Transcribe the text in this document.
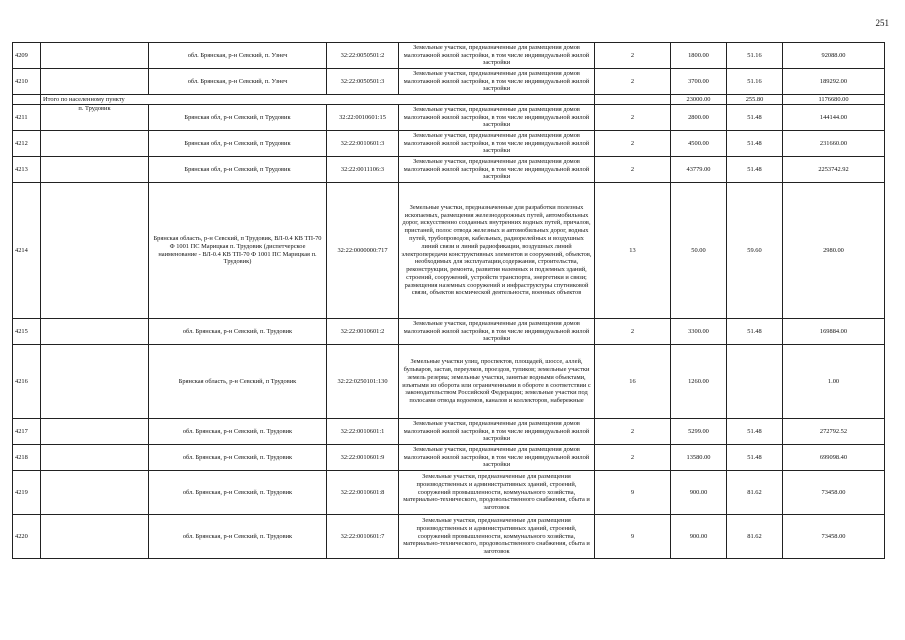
251
4209		обл. Брянская, р-н Севский, п. Узнеч	32:22:0050501:2	Земельные участки, предназначенные для размещения домов малоэтажной жилой застройки, в том числе индивидуальной жилой застройки	2	1800.00	51.16	92088.00
4210		обл. Брянская, р-н Севский, п. Узнеч	32:22:0050501:3	Земельные участки, предназначенные для размещения домов малоэтажной жилой застройки, в том числе индивидуальной жилой застройки	2	3700.00	51.16	189292.00
	Итого по населенному пункту					23000.00	255.80	1176680.00
4211	п. Трудовик	Брянская обл, р-н Севский, п Трудовик	32:22:0010601:15	Земельные участки, предназначенные для размещения домов малоэтажной жилой застройки, в том числе индивидуальной жилой застройки	2	2800.00	51.48	144144.00
4212		Брянская обл, р-н Севский, п Трудовик	32:22:0010601:3	Земельные участки, предназначенные для размещения домов малоэтажной жилой застройки, в том числе индивидуальной жилой застройки	2	4500.00	51.48	231660.00
4213		Брянская обл, р-н Севский, п Трудовик	32:22:0011106:3	Земельные участки, предназначенные для размещения домов малоэтажной жилой застройки, в том числе индивидуальной жилой застройки	2	43779.00	51.48	2253742.92
4214		Брянская область, р-н Севский, п Трудовик, ВЛ-0.4 КВ ТП-70 Ф 1001 ПС Марицкая п. Трудовик (диспетчерское наименование - ВЛ-0.4 КВ ТП-70 Ф 1001 ПС Марицкая п. Трудовик)	32:22:0000000:717	Земельные участки, предназначенные для разработки полезных ископаемых, размещения железнодорожных путей, автомобильных дорог, искусственно созданных внутренних водных путей, причалов, пристаней, полос отвода железных и автомобильных дорог, водных путей, трубопроводов, кабельных, радиорелейных и воздушных линий связи и линий радиофикации, воздушных линий электропередачи конструктивных элементов и сооружений, объектов, необходимых для эксплуатации,содержания, строительства, реконструкции, ремонта, развития наземных и подземных зданий, строений, сооружений, устройств транспорта, энергетики и связи; размещения наземных сооружений и инфраструктуры спутниковой связи, объектов космической деятельности, военных объектов	13	50.00	59.60	2980.00
4215		обл. Брянская, р-н Севский, п. Трудовик	32:22:0010601:2	Земельные участки, предназначенные для размещения домов малоэтажной жилой застройки, в том числе индивидуальной жилой застройки	2	3300.00	51.48	169884.00
4216		Брянская область, р-н Севский, п Трудовик	32:22:0250101:130	Земельные участки улиц, проспектов, площадей, шоссе, аллей, бульваров, застав, переулков, проездов, тупиков; земельные участки земель резерва; земельные участки, занятые водными объектами, изъятыми из оборота или ограниченными в обороте в соответствии с законодательством Российской Федерации; земельные участки под полосами отвода водоемов, каналов и коллекторов, набережные	16	1260.00		1.00
4217		обл. Брянская, р-н Севский, п. Трудовик	32:22:0010601:1	Земельные участки, предназначенные для размещения домов малоэтажной жилой застройки, в том числе индивидуальной жилой застройки	2	5299.00	51.48	272792.52
4218		обл. Брянская, р-н Севский, п. Трудовик	32:22:0010601:9	Земельные участки, предназначенные для размещения домов малоэтажной жилой застройки, в том числе индивидуальной жилой застройки	2	13580.00	51.48	699098.40
4219		обл. Брянская, р-н Севский, п. Трудовик	32:22:0010601:8	Земельные участки, предназначенные для размещения производственных и административных зданий, строений, сооружений промышленности, коммунального хозяйства, материально-технического, продовольственного снабжения, сбыта и заготовок	9	900.00	81.62	73458.00
4220		обл. Брянская, р-н Севский, п. Трудовик	32:22:0010601:7	Земельные участки, предназначенные для размещения производственных и административных зданий, строений, сооружений промышленности, коммунального хозяйства, материально-технического, продовольственного снабжения, сбыта и заготовок	9	900.00	81.62	73458.00
